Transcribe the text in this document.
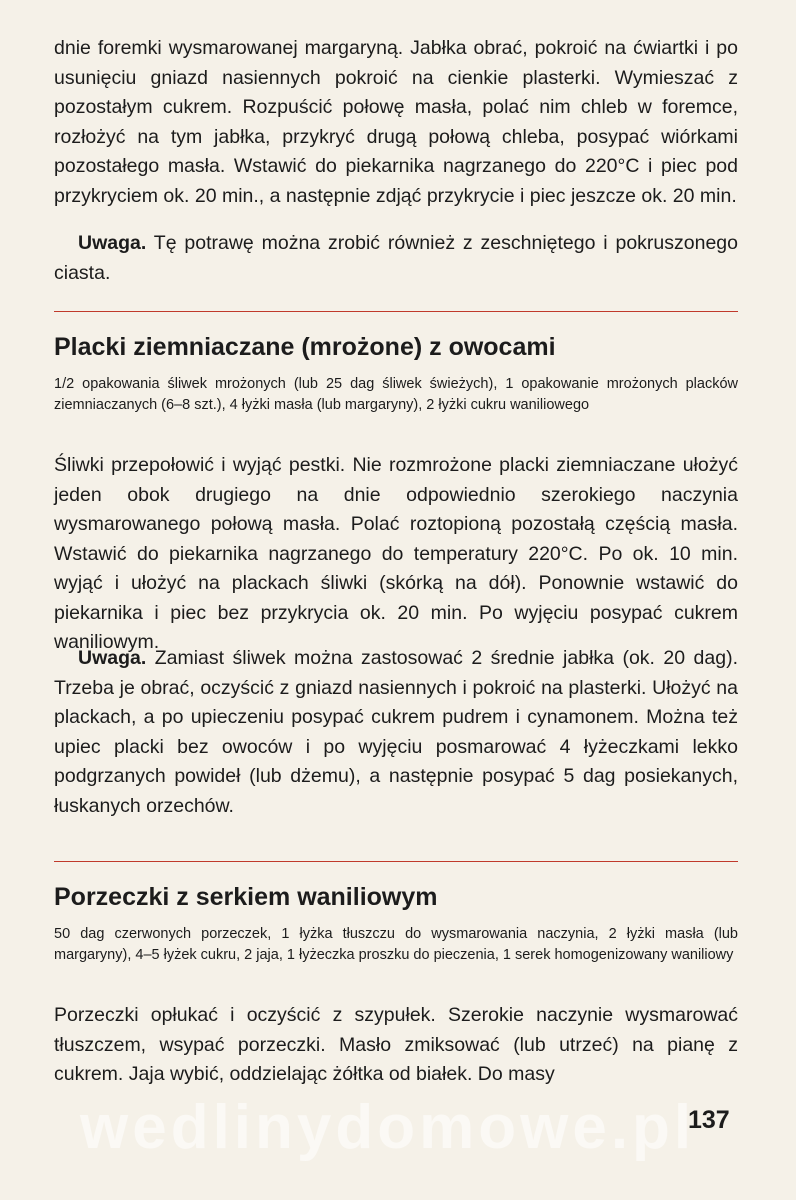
dnie foremki wysmarowanej margaryną. Jabłka obrać, pokroić na ćwiartki i po usunięciu gniazd nasiennych pokroić na cienkie plasterki. Wymieszać z pozostałym cukrem. Rozpuścić połowę masła, polać nim chleb w foremce, rozłożyć na tym jabłka, przykryć drugą połową chleba, posypać wiórkami pozostałego masła. Wstawić do piekarnika nagrzanego do 220°C i piec pod przykryciem ok. 20 min., a następnie zdjąć przykrycie i piec jeszcze ok. 20 min.

Uwaga. Tę potrawę można zrobić również z zeschniętego i pokruszonego ciasta.

Placki ziemniaczane (mrożone) z owocami

1/2 opakowania śliwek mrożonych (lub 25 dag śliwek świeżych), 1 opakowanie mrożonych placków ziemniaczanych (6–8 szt.), 4 łyżki masła (lub margaryny), 2 łyżki cukru waniliowego

Śliwki przepołowić i wyjąć pestki. Nie rozmrożone placki ziemniaczane ułożyć jeden obok drugiego na dnie odpowiednio szerokiego naczynia wysmarowanego połową masła. Polać roztopioną pozostałą częścią masła. Wstawić do piekarnika nagrzanego do temperatury 220°C. Po ok. 10 min. wyjąć i ułożyć na plackach śliwki (skórką na dół). Ponownie wstawić do piekarnika i piec bez przykrycia ok. 20 min. Po wyjęciu posypać cukrem waniliowym.

Uwaga. Zamiast śliwek można zastosować 2 średnie jabłka (ok. 20 dag). Trzeba je obrać, oczyścić z gniazd nasiennych i pokroić na plasterki. Ułożyć na plackach, a po upieczeniu posypać cukrem pudrem i cynamonem. Można też upiec placki bez owoców i po wyjęciu posmarować 4 łyżeczkami lekko podgrzanych powideł (lub dżemu), a następnie posypać 5 dag posiekanych, łuskanych orzechów.

Porzeczki z serkiem waniliowym

50 dag czerwonych porzeczek, 1 łyżka tłuszczu do wysmarowania naczynia, 2 łyżki masła (lub margaryny), 4–5 łyżek cukru, 2 jaja, 1 łyżeczka proszku do pieczenia, 1 serek homogenizowany waniliowy

Porzeczki opłukać i oczyścić z szypułek. Szerokie naczynie wysmarować tłuszczem, wsypać porzeczki. Masło zmiksować (lub utrzeć) na pianę z cukrem. Jaja wybić, oddzielając żółtka od białek. Do masy

wedlinydomowe.pl
137
